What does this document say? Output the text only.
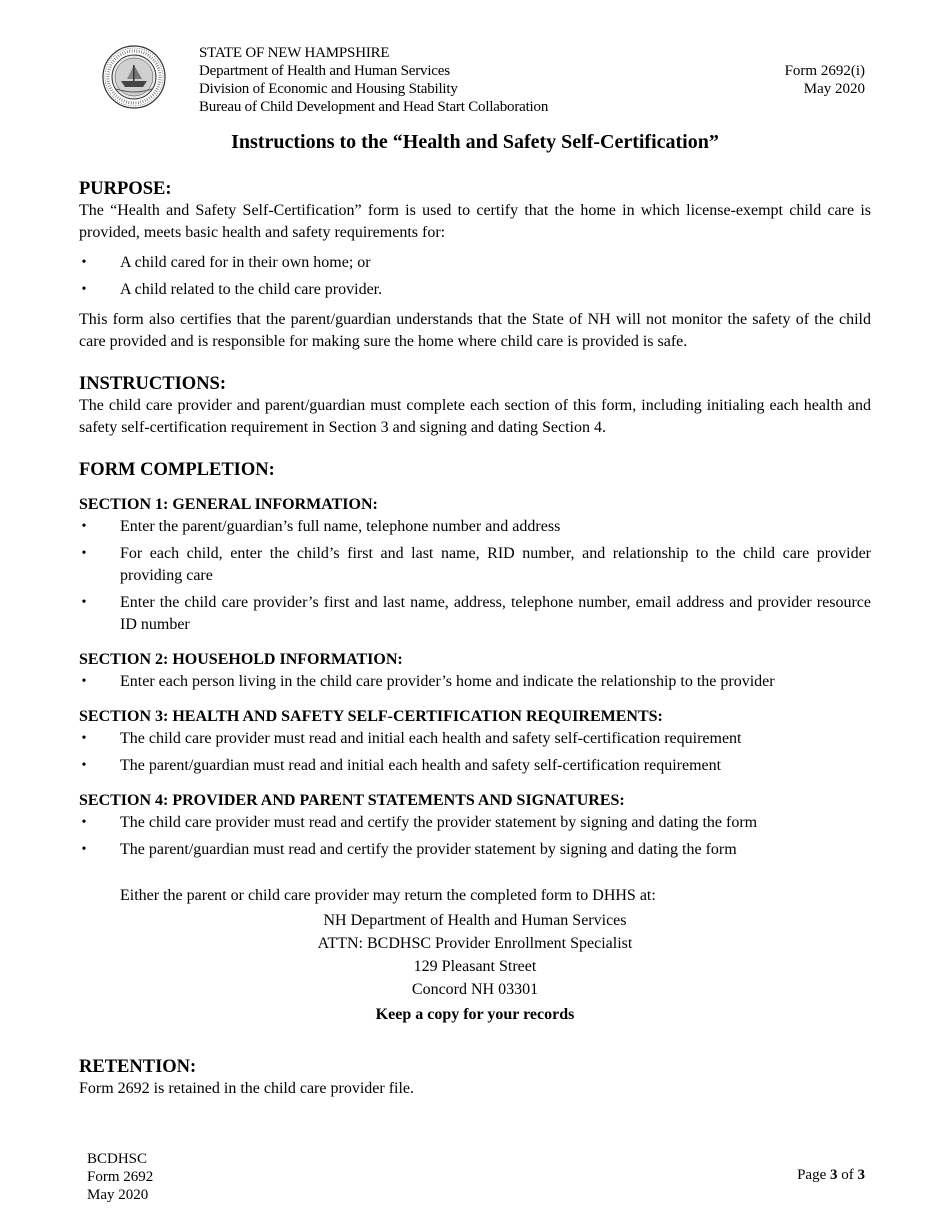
STATE OF NEW HAMPSHIRE
Department of Health and Human Services
Division of Economic and Housing Stability
Bureau of Child Development and Head Start Collaboration
Form 2692(i)
May 2020
Instructions to the “Health and Safety Self-Certification”
PURPOSE:

The “Health and Safety Self-Certification” form is used to certify that the home in which license-exempt child care is provided, meets basic health and safety requirements for:

• A child cared for in their own home; or
• A child related to the child care provider.

This form also certifies that the parent/guardian understands that the State of NH will not monitor the safety of the child care provided and is responsible for making sure the home where child care is provided is safe.

INSTRUCTIONS:

The child care provider and parent/guardian must complete each section of this form, including initialing each health and safety self-certification requirement in Section 3 and signing and dating Section 4.

FORM COMPLETION:
SECTION 1: GENERAL INFORMATION:
• Enter the parent/guardian’s full name, telephone number and address
• For each child, enter the child’s first and last name, RID number, and relationship to the child care provider providing care
• Enter the child care provider’s first and last name, address, telephone number, email address and provider resource ID number
SECTION 2: HOUSEHOLD INFORMATION:
• Enter each person living in the child care provider’s home and indicate the relationship to the provider
SECTION 3: HEALTH AND SAFETY SELF-CERTIFICATION REQUIREMENTS:
• The child care provider must read and initial each health and safety self-certification requirement
• The parent/guardian must read and initial each health and safety self-certification requirement
SECTION 4: PROVIDER AND PARENT STATEMENTS AND SIGNATURES:
• The child care provider must read and certify the provider statement by signing and dating the form
• The parent/guardian must read and certify the provider statement by signing and dating the form
Either the parent or child care provider may return the completed form to DHHS at:
NH Department of Health and Human Services
ATTN: BCDHSC Provider Enrollment Specialist
129 Pleasant Street
Concord NH 03301
Keep a copy for your records
RETENTION:

Form 2692 is retained in the child care provider file.

BCDHSC
Form 2692
May 2020
Page 3 of 3
